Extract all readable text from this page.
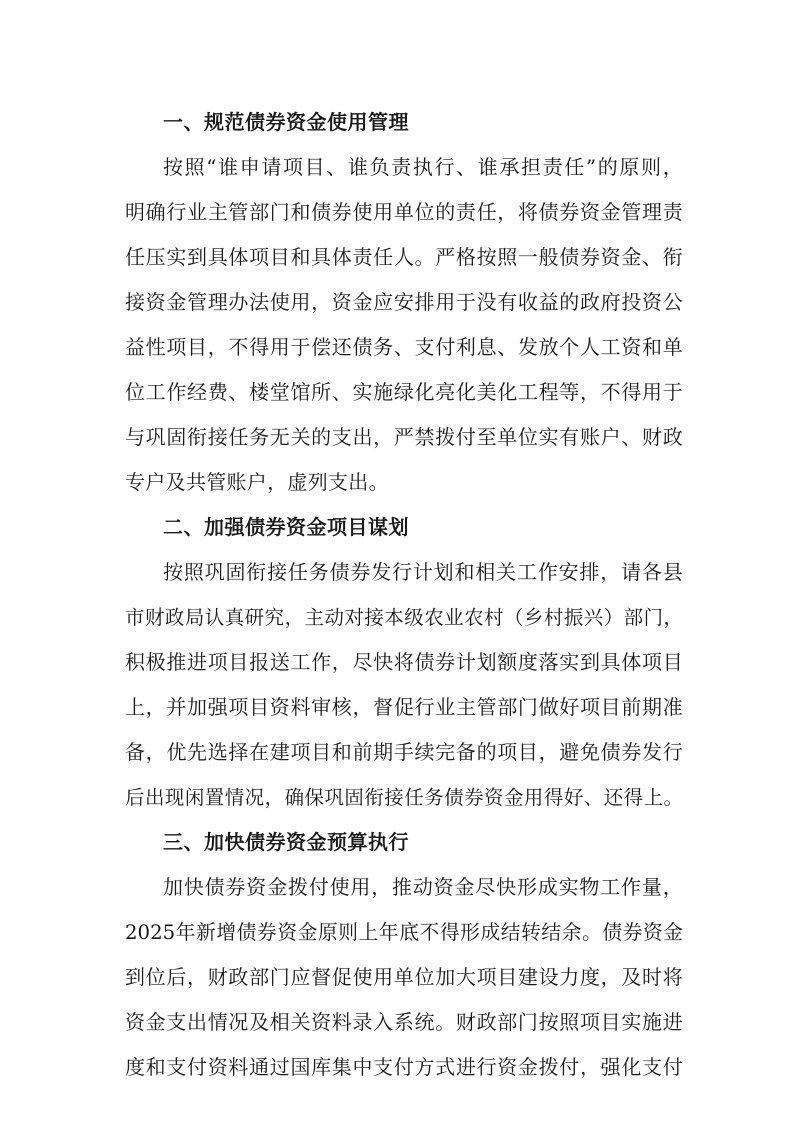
一、规范债券资金使用管理
按照“谁申请项目、谁负责执行、谁承担责任”的原则，
明确行业主管部门和债券使用单位的责任，将债券资金管理责
任压实到具体项目和具体责任人。严格按照一般债券资金、衔
接资金管理办法使用，资金应安排用于没有收益的政府投资公
益性项目，不得用于偿还债务、支付利息、发放个人工资和单
位工作经费、楼堂馆所、实施绿化亮化美化工程等，不得用于
与巩固衔接任务无关的支出，严禁拨付至单位实有账户、财政
专户及共管账户，虚列支出。
二、加强债券资金项目谋划
按照巩固衔接任务债券发行计划和相关工作安排，请各县
市财政局认真研究，主动对接本级农业农村（乡村振兴）部门，
积极推进项目报送工作，尽快将债券计划额度落实到具体项目
上，并加强项目资料审核，督促行业主管部门做好项目前期准
备，优先选择在建项目和前期手续完备的项目，避免债券发行
后出现闲置情况，确保巩固衔接任务债券资金用得好、还得上。
三、加快债券资金预算执行
加快债券资金拨付使用，推动资金尽快形成实物工作量，
2025年新增债券资金原则上年底不得形成结转结余。债券资金
到位后，财政部门应督促使用单位加大项目建设力度，及时将
资金支出情况及相关资料录入系统。财政部门按照项目实施进
度和支付资料通过国库集中支付方式进行资金拨付，强化支付
